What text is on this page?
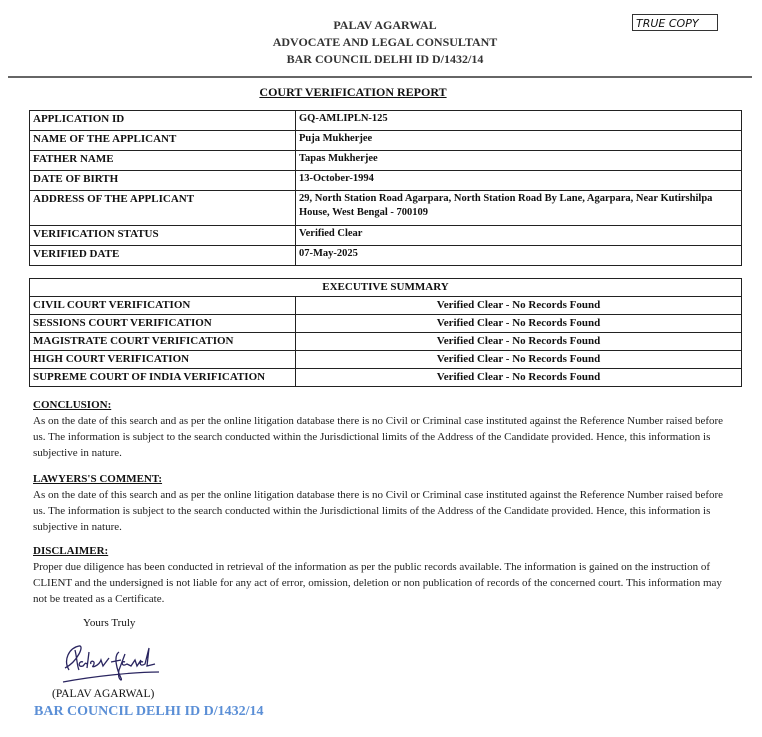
PALAV AGARWAL
ADVOCATE AND LEGAL CONSULTANT
BAR COUNCIL DELHI ID D/1432/14
TRUE COPY
COURT VERIFICATION REPORT
APPLICATION ID	GQ-AMLIPLN-125
NAME OF THE APPLICANT	Puja Mukherjee
FATHER NAME	Tapas Mukherjee
DATE OF BIRTH	13-October-1994
ADDRESS OF THE APPLICANT	29, North Station Road Agarpara, North Station Road By Lane, Agarpara, Near Kutirshilpa House, West Bengal - 700109
VERIFICATION STATUS	Verified Clear
VERIFIED DATE	07-May-2025
EXECUTIVE SUMMARY	
CIVIL COURT VERIFICATION	Verified Clear - No Records Found
SESSIONS COURT VERIFICATION	Verified Clear - No Records Found
MAGISTRATE COURT VERIFICATION	Verified Clear - No Records Found
HIGH COURT VERIFICATION	Verified Clear - No Records Found
SUPREME COURT OF INDIA VERIFICATION	Verified Clear - No Records Found
CONCLUSION:

As on the date of this search and as per the online litigation database there is no Civil or Criminal case instituted against the Reference Number raised before us. The information is subject to the search conducted within the Jurisdictional limits of the Address of the Candidate provided. Hence, this information is subjective in nature.

LAWYERS'S COMMENT:

As on the date of this search and as per the online litigation database there is no Civil or Criminal case instituted against the Reference Number raised before us. The information is subject to the search conducted within the Jurisdictional limits of the Address of the Candidate provided. Hence, this information is subjective in nature.

DISCLAIMER:

Proper due diligence has been conducted in retrieval of the information as per the public records available. The information is gained on the instruction of CLIENT and the undersigned is not liable for any act of error, omission, deletion or non publication of records of the concerned court. This information may not be treated as a Certificate.

Yours Truly
(PALAV AGARWAL)
BAR COUNCIL DELHI ID D/1432/14
